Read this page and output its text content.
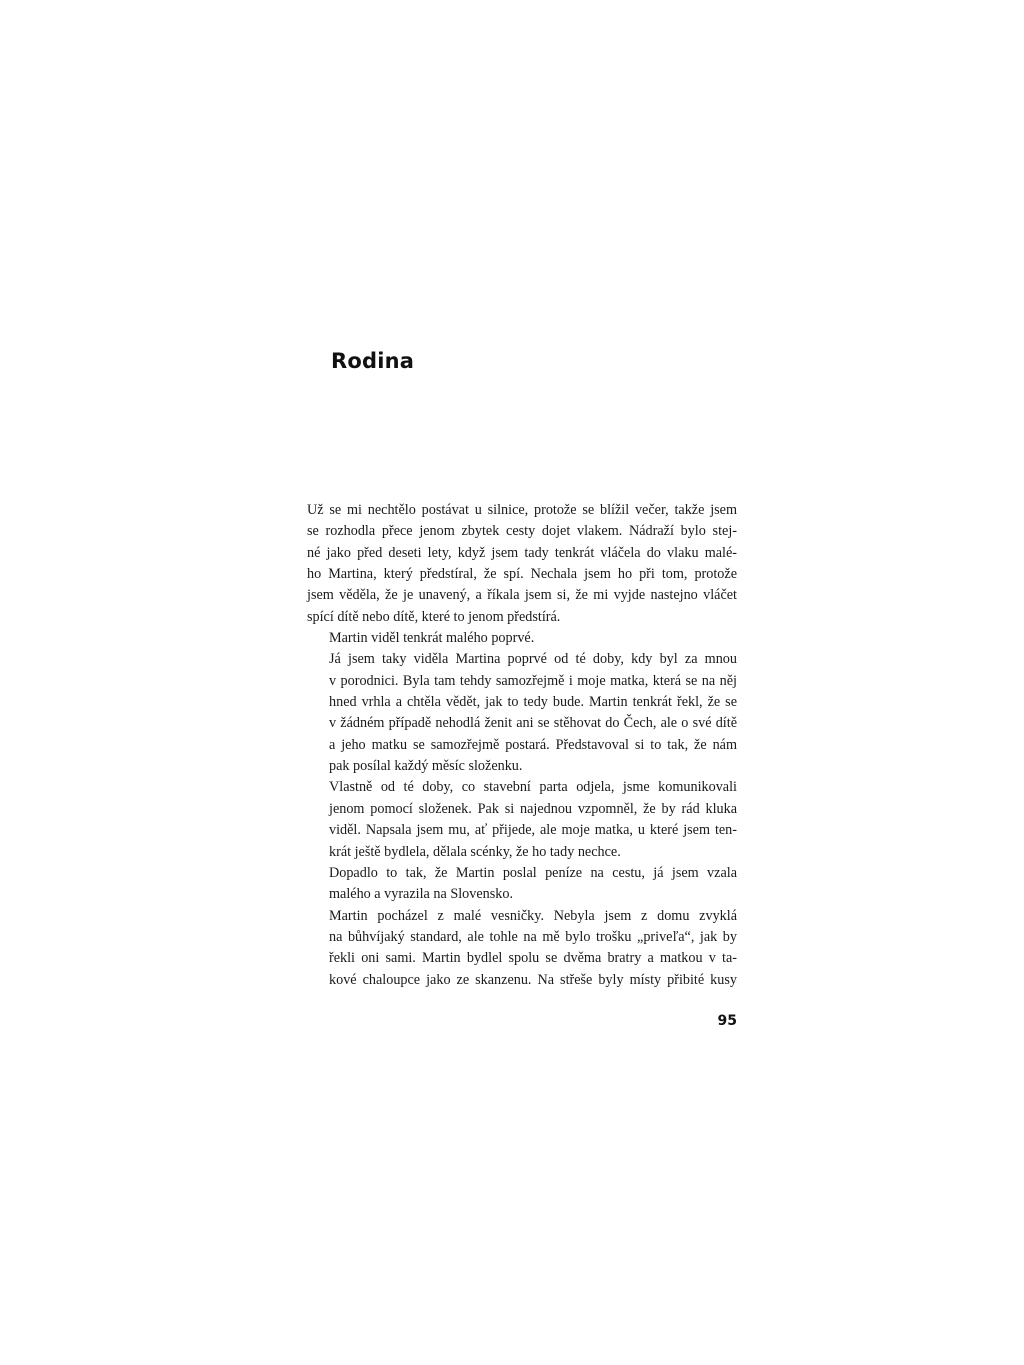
Rodina

Už se mi nechtělo postávat u silnice, protože se blížil večer, takže jsem
se rozhodla přece jenom zbytek cesty dojet vlakem. Nádraží bylo stej-
né jako před deseti lety, když jsem tady tenkrát vláčela do vlaku malé-
ho Martina, který předstíral, že spí. Nechala jsem ho při tom, protože
jsem věděla, že je unavený, a říkala jsem si, že mi vyjde nastejno vláčet
spící dítě nebo dítě, které to jenom předstírá.

Martin viděl tenkrát malého poprvé.

Já jsem taky viděla Martina poprvé od té doby, kdy byl za mnou
v porodnici. Byla tam tehdy samozřejmě i moje matka, která se na něj
hned vrhla a chtěla vědět, jak to tedy bude. Martin tenkrát řekl, že se
v žádném případě nehodlá ženit ani se stěhovat do Čech, ale o své dítě
a jeho matku se samozřejmě postará. Představoval si to tak, že nám
pak posílal každý měsíc složenku.

Vlastně od té doby, co stavební parta odjela, jsme komunikovali
jenom pomocí složenek. Pak si najednou vzpomněl, že by rád kluka
viděl. Napsala jsem mu, ať přijede, ale moje matka, u které jsem ten-
krát ještě bydlela, dělala scénky, že ho tady nechce.

Dopadlo to tak, že Martin poslal peníze na cestu, já jsem vzala
malého a vyrazila na Slovensko.

Martin pocházel z malé vesničky. Nebyla jsem z domu zvyklá
na bůhvíjaký standard, ale tohle na mě bylo trošku „priveľa“, jak by
řekli oni sami. Martin bydlel spolu se dvěma bratry a matkou v ta-
kové chaloupce jako ze skanzenu. Na střeše byly místy přibité kusy

95
